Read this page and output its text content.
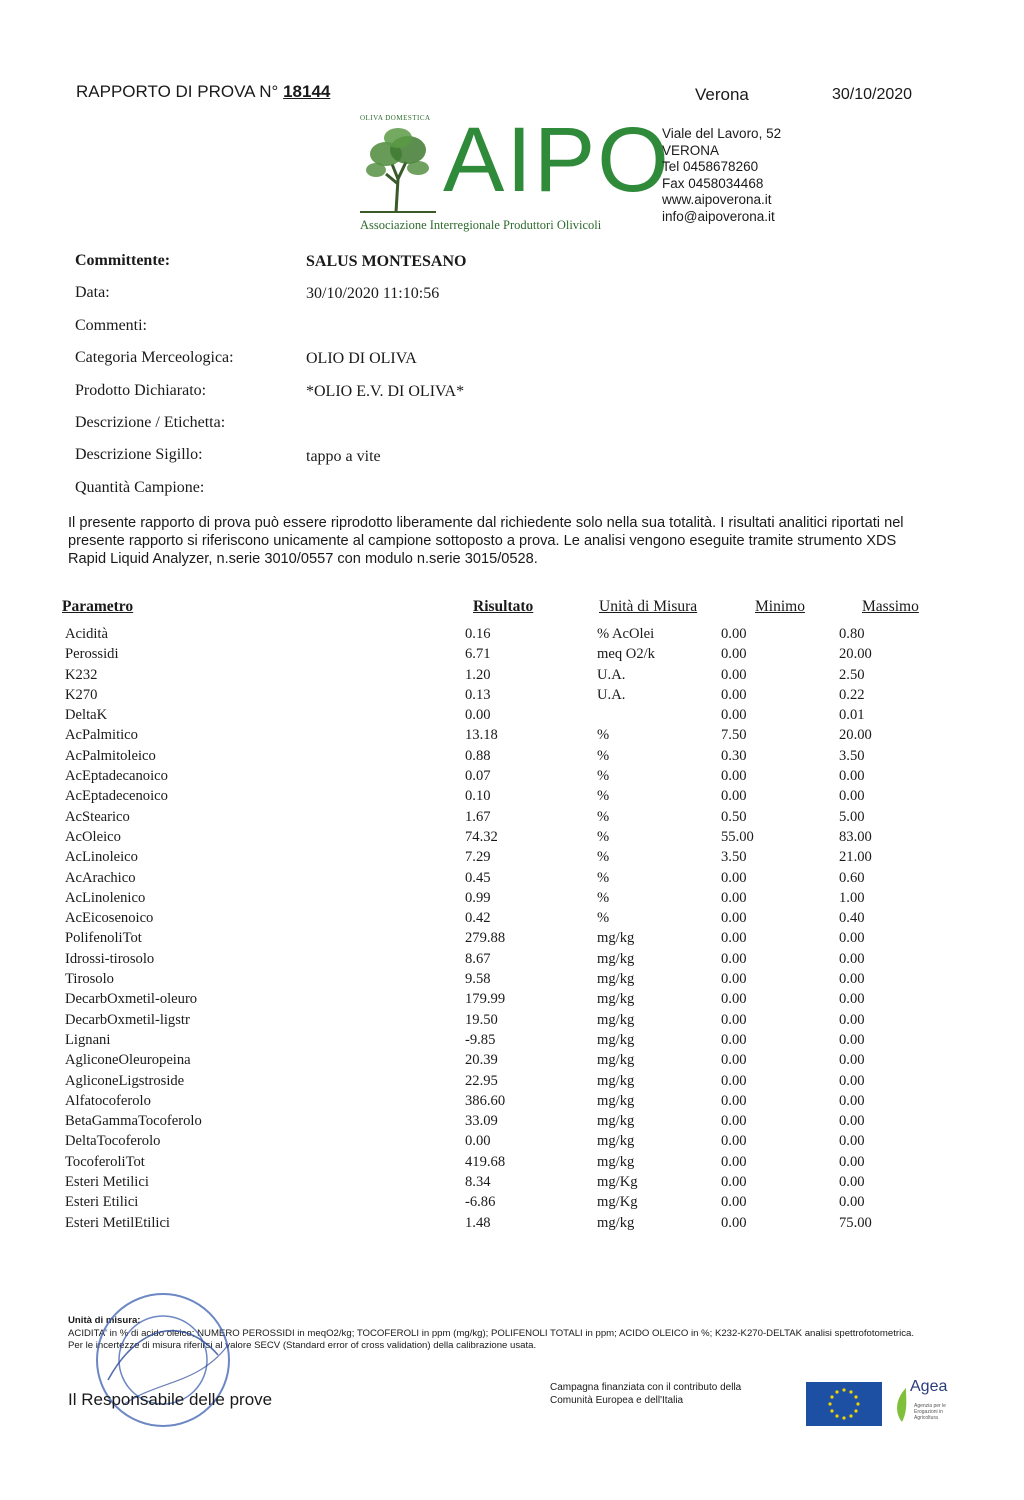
RAPPORTO DI PROVA N° 18144	Verona	30/10/2020
OLIVA DOMESTICA AIPO
Associazione Interregionale Produttori Olivicoli
Viale del Lavoro, 52
VERONA
Tel 0458678260
Fax 0458034468
www.aipoverona.it
info@aipoverona.it
Committente:	SALUS MONTESANO
Data:	30/10/2020 11:10:56
Commenti:
Categoria Merceologica:	OLIO DI OLIVA
Prodotto Dichiarato:	*OLIO E.V. DI OLIVA*
Descrizione / Etichetta:
Descrizione Sigillo:	tappo a vite
Quantità Campione:
Il presente rapporto di prova può essere riprodotto liberamente dal richiedente solo nella sua totalità. I risultati analitici riportati nel presente rapporto si riferiscono unicamente al campione sottoposto a prova. Le analisi vengono eseguite tramite strumento XDS Rapid Liquid Analyzer, n.serie 3010/0557 con modulo n.serie 3015/0528.
Parametro	Risultato	Unità di Misura	Minimo	Massimo
Acidità	0.16	% AcOlei	0.00	0.80
Perossidi	6.71	meq O2/k	0.00	20.00
K232	1.20	U.A.	0.00	2.50
K270	0.13	U.A.	0.00	0.22
DeltaK	0.00		0.00	0.01
AcPalmitico	13.18	%	7.50	20.00
AcPalmitoleico	0.88	%	0.30	3.50
AcEptadecanoico	0.07	%	0.00	0.00
AcEptadecenoico	0.10	%	0.00	0.00
AcStearico	1.67	%	0.50	5.00
AcOleico	74.32	%	55.00	83.00
AcLinoleico	7.29	%	3.50	21.00
AcArachico	0.45	%	0.00	0.60
AcLinolenico	0.99	%	0.00	1.00
AcEicosenoico	0.42	%	0.00	0.40
PolifenoliTot	279.88	mg/kg	0.00	0.00
Idrossi-tirosolo	8.67	mg/kg	0.00	0.00
Tirosolo	9.58	mg/kg	0.00	0.00
DecarbOxmetil-oleuro	179.99	mg/kg	0.00	0.00
DecarbOxmetil-ligstr	19.50	mg/kg	0.00	0.00
Lignani	-9.85	mg/kg	0.00	0.00
AgliconeOleuropeina	20.39	mg/kg	0.00	0.00
AgliconeLigstroside	22.95	mg/kg	0.00	0.00
Alfatocoferolo	386.60	mg/kg	0.00	0.00
BetaGammaTocoferolo	33.09	mg/kg	0.00	0.00
DeltaTocoferolo	0.00	mg/kg	0.00	0.00
TocoferoliTot	419.68	mg/kg	0.00	0.00
Esteri Metilici	8.34	mg/Kg	0.00	0.00
Esteri Etilici	-6.86	mg/Kg	0.00	0.00
Esteri MetilEtilici	1.48	mg/kg	0.00	75.00
Unità di misura:
ACIDITA' in % di acido oleico; NUMERO PEROSSIDI in meqO2/kg; TOCOFEROLI in ppm (mg/kg); POLIFENOLI TOTALI in ppm; ACIDO OLEICO in %; K232-K270-DELTAK analisi spettrofotometrica.
Per le incertezze di misura riferirsi al valore SECV (Standard error of cross validation) della calibrazione usata.
Il Responsabile delle prove
Campagna finanziata con il contributo della
Comunità Europea e dell'Italia
Agea
Agenzia per le Erogazioni in Agricoltura
